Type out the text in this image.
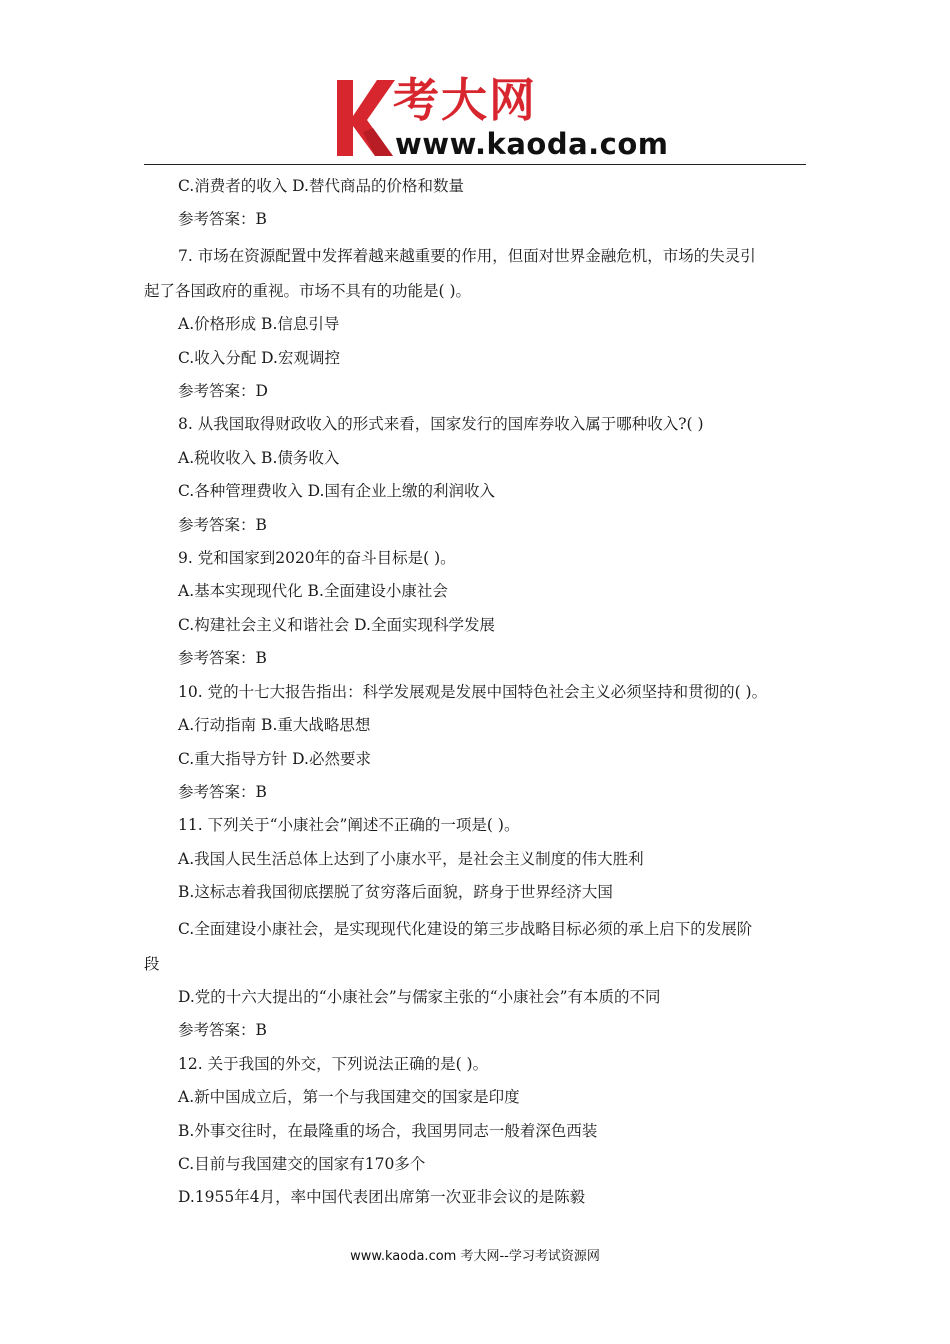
考大网
www.kaoda.com
C.消费者的收入 D.替代商品的价格和数量
参考答案：B
7. 市场在资源配置中发挥着越来越重要的作用，但面对世界金融危机，市场的失灵引
起了各国政府的重视。市场不具有的功能是( )。
A.价格形成 B.信息引导
C.收入分配 D.宏观调控
参考答案：D
8. 从我国取得财政收入的形式来看，国家发行的国库券收入属于哪种收入?( )
A.税收收入 B.债务收入
C.各种管理费收入 D.国有企业上缴的利润收入
参考答案：B
9. 党和国家到2020年的奋斗目标是( )。
A.基本实现现代化 B.全面建设小康社会
C.构建社会主义和谐社会 D.全面实现科学发展
参考答案：B
10. 党的十七大报告指出：科学发展观是发展中国特色社会主义必须坚持和贯彻的( )。
A.行动指南 B.重大战略思想
C.重大指导方针 D.必然要求
参考答案：B
11. 下列关于“小康社会”阐述不正确的一项是( )。
A.我国人民生活总体上达到了小康水平，是社会主义制度的伟大胜利
B.这标志着我国彻底摆脱了贫穷落后面貌，跻身于世界经济大国
C.全面建设小康社会，是实现现代化建设的第三步战略目标必须的承上启下的发展阶
段
D.党的十六大提出的“小康社会”与儒家主张的“小康社会”有本质的不同
参考答案：B
12. 关于我国的外交，下列说法正确的是( )。
A.新中国成立后，第一个与我国建交的国家是印度
B.外事交往时，在最隆重的场合，我国男同志一般着深色西装
C.目前与我国建交的国家有170多个
D.1955年4月，率中国代表团出席第一次亚非会议的是陈毅
www.kaoda.com 考大网--学习考试资源网
